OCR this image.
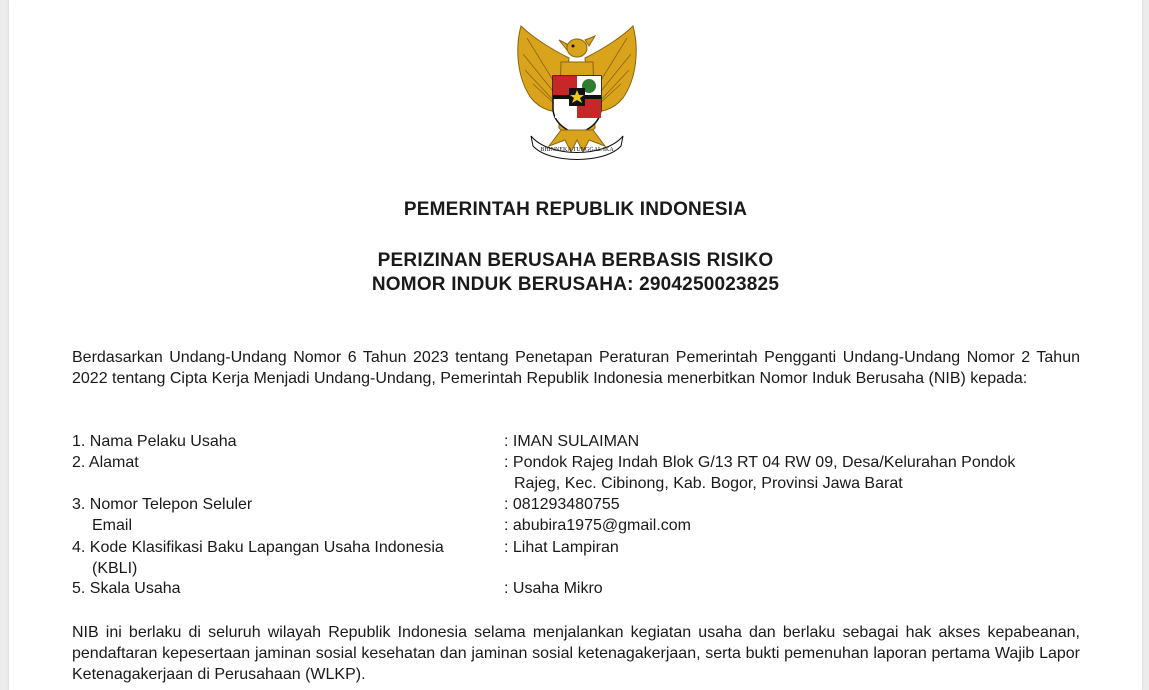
BHINNEKA TUNGGAL IKA
PEMERINTAH REPUBLIK INDONESIA
PERIZINAN BERUSAHA BERBASIS RISIKO
NOMOR INDUK BERUSAHA: 2904250023825

Berdasarkan Undang-Undang Nomor 6 Tahun 2023 tentang Penetapan Peraturan Pemerintah Pengganti Undang-Undang Nomor 2 Tahun 2022 tentang Cipta Kerja Menjadi Undang-Undang, Pemerintah Republik Indonesia menerbitkan Nomor Induk Berusaha (NIB) kepada:

1. Nama Pelaku Usaha	: IMAN SULAIMAN
2. Alamat	: Pondok Rajeg Indah Blok G/13 RT 04 RW 09, Desa/Kelurahan Pondok
Rajeg, Kec. Cibinong, Kab. Bogor, Provinsi Jawa Barat
3. Nomor Telepon Seluler	: 081293480755
Email	: abubira1975@gmail.com
4. Kode Klasifikasi Baku Lapangan Usaha Indonesia
(KBLI)
: Lihat Lampiran
5. Skala Usaha	: Usaha Mikro

NIB ini berlaku di seluruh wilayah Republik Indonesia selama menjalankan kegiatan usaha dan berlaku sebagai hak akses kepabeanan, pendaftaran kepesertaan jaminan sosial kesehatan dan jaminan sosial ketenagakerjaan, serta bukti pemenuhan laporan pertama Wajib Lapor Ketenagakerjaan di Perusahaan (WLKP).
